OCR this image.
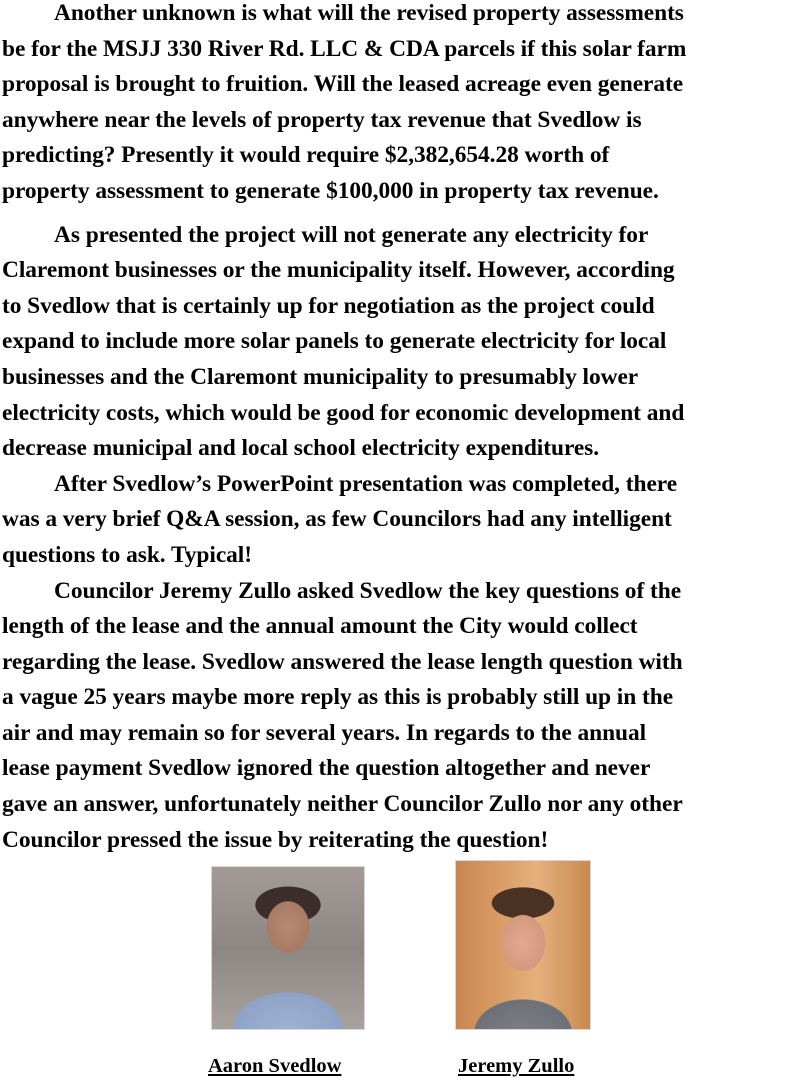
Another unknown is what will the revised property assessments
be for the MSJJ 330 River Rd. LLC & CDA parcels if this solar farm
proposal is brought to fruition. Will the leased acreage even generate
anywhere near the levels of property tax revenue that Svedlow is
predicting? Presently it would require $2,382,654.28 worth of
property assessment to generate $100,000 in property tax revenue.

As presented the project will not generate any electricity for
Claremont businesses or the municipality itself. However, according
to Svedlow that is certainly up for negotiation as the project could
expand to include more solar panels to generate electricity for local
businesses and the Claremont municipality to presumably lower
electricity costs, which would be good for economic development and
decrease municipal and local school electricity expenditures.

After Svedlow’s PowerPoint presentation was completed, there
was a very brief Q&A session, as few Councilors had any intelligent
questions to ask. Typical!

Councilor Jeremy Zullo asked Svedlow the key questions of the
length of the lease and the annual amount the City would collect
regarding the lease. Svedlow answered the lease length question with
a vague 25 years maybe more reply as this is probably still up in the
air and may remain so for several years. In regards to the annual
lease payment Svedlow ignored the question altogether and never
gave an answer, unfortunately neither Councilor Zullo nor any other
Councilor pressed the issue by reiterating the question!

Aaron Svedlow	Jeremy Zullo
